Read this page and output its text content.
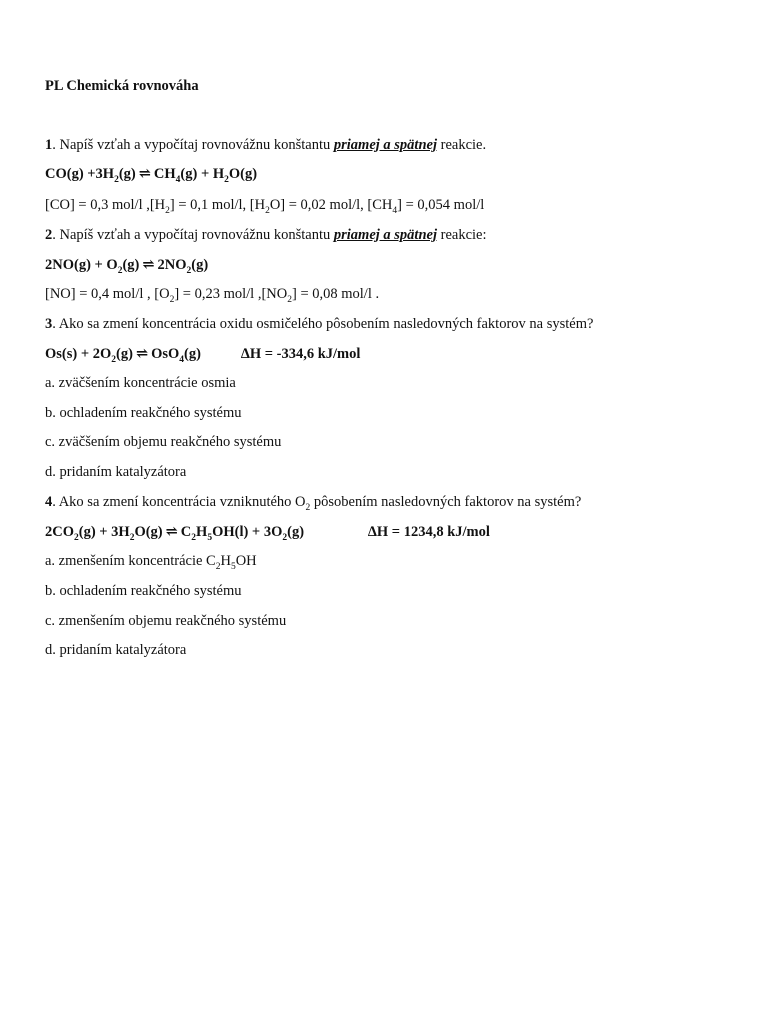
PL Chemická rovnováha
1. Napíš vzťah a vypočítaj rovnovážnu konštantu priamej a spätnej reakcie.
$CO(g) +3H_2(g)$ ⇌ $CH_4(g) + H_2O(g)$
[CO] = 0,3 mol/l $,[H_2] = 0,1$ mol/l, $[H_2O] = 0,02$ mol/l, $[CH_4] = 0,054$ mol/l
2. Napíš vzťah a vypočítaj rovnovážnu konštantu priamej a spätnej reakcie:
$2NO(g) + O_2(g)$ ⇌ $2NO_2(g)$
[NO] = 0,4 mol/l , $[O_2] = 0,23$ mol/l $,[NO_2] = 0,08$ mol/l .
3. Ako sa zmení koncentrácia oxidu osmičelého pôsobením nasledovných faktorov na systém?
$Os(s) + 2O_2(g)$ ⇌ OsO$_4$(g)	∆H = -334,6 kJ/mol
a. zväčšením koncentrácie osmia
b. ochladením reakčného systému
c. zväčšením objemu reakčného systému
d. pridaním katalyzátora
4. Ako sa zmení koncentrácia vzniknutého $O_2$ pôsobením nasledovných faktorov na systém?
$2CO_2(g) + 3H_2O(g)$ ⇌ $C_2H_5OH(l) + 3O_2(g)$	∆H = 1234,8 kJ/mol
a. zmenšením koncentrácie $C_2H_5OH$
b. ochladením reakčného systému
c. zmenšením objemu reakčného systému
d. pridaním katalyzátora
